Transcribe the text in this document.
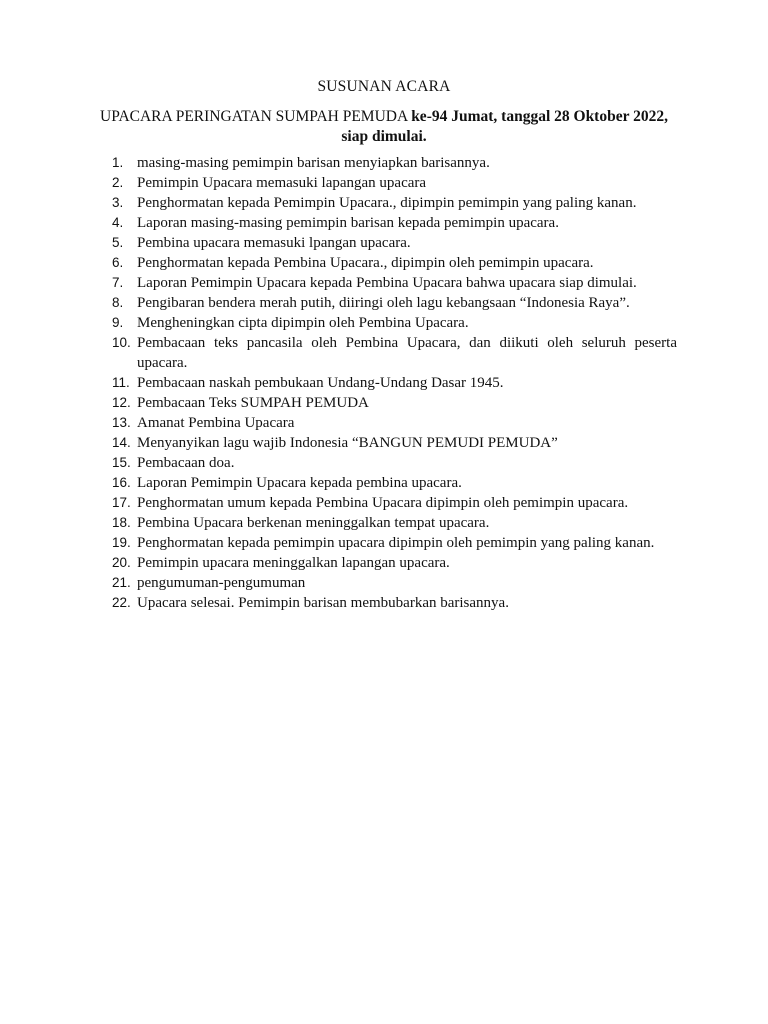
SUSUNAN ACARA
UPACARA PERINGATAN SUMPAH PEMUDA ke-94 Jumat, tanggal 28 Oktober 2022, siap dimulai.
1. masing-masing pemimpin barisan menyiapkan barisannya.
2. Pemimpin Upacara memasuki lapangan upacara
3. Penghormatan kepada Pemimpin Upacara., dipimpin pemimpin yang paling kanan.
4. Laporan masing-masing pemimpin barisan kepada pemimpin upacara.
5. Pembina upacara memasuki lpangan upacara.
6. Penghormatan kepada Pembina Upacara., dipimpin oleh pemimpin upacara.
7. Laporan Pemimpin Upacara kepada Pembina Upacara bahwa upacara siap dimulai.
8. Pengibaran bendera merah putih, diiringi oleh lagu kebangsaan “Indonesia Raya”.
9. Mengheningkan cipta dipimpin oleh Pembina Upacara.
10. Pembacaan teks pancasila oleh Pembina Upacara, dan diikuti oleh seluruh peserta upacara.
11. Pembacaan naskah pembukaan Undang-Undang Dasar 1945.
12. Pembacaan Teks SUMPAH PEMUDA
13. Amanat Pembina Upacara
14. Menyanyikan lagu wajib Indonesia “BANGUN PEMUDI PEMUDA”
15. Pembacaan doa.
16. Laporan Pemimpin Upacara kepada pembina upacara.
17. Penghormatan umum kepada Pembina Upacara dipimpin oleh pemimpin upacara.
18. Pembina Upacara berkenan meninggalkan tempat upacara.
19. Penghormatan kepada pemimpin upacara dipimpin oleh pemimpin yang paling kanan.
20. Pemimpin upacara meninggalkan lapangan upacara.
21. pengumuman-pengumuman
22. Upacara selesai. Pemimpin barisan membubarkan barisannya.
